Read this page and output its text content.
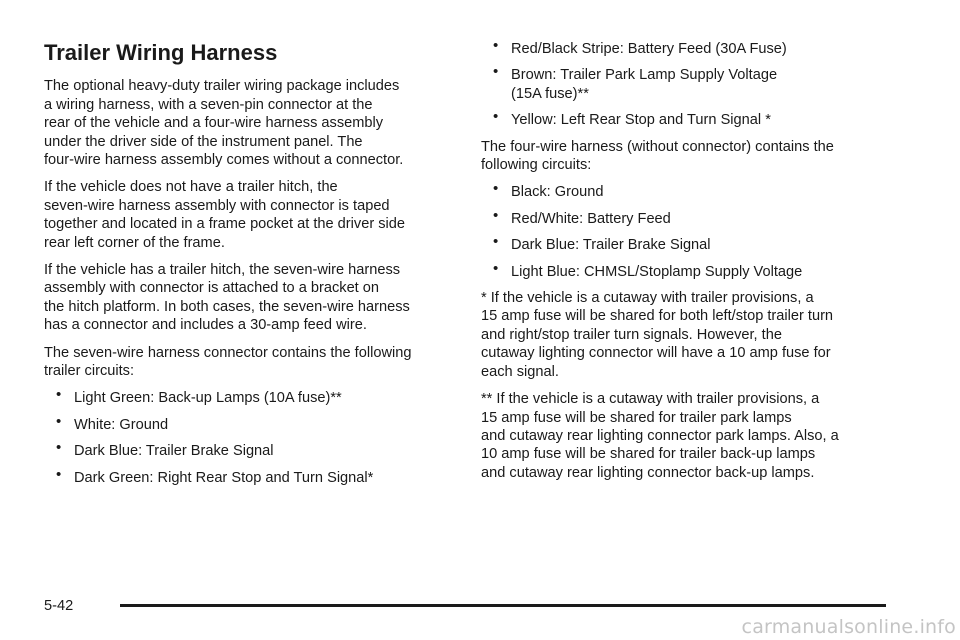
Trailer Wiring Harness

The optional heavy-duty trailer wiring package includes
a wiring harness, with a seven-pin connector at the
rear of the vehicle and a four-wire harness assembly
under the driver side of the instrument panel. The
four-wire harness assembly comes without a connector.

If the vehicle does not have a trailer hitch, the
seven-wire harness assembly with connector is taped
together and located in a frame pocket at the driver side
rear left corner of the frame.

If the vehicle has a trailer hitch, the seven-wire harness
assembly with connector is attached to a bracket on
the hitch platform. In both cases, the seven-wire harness
has a connector and includes a 30-amp feed wire.

The seven-wire harness connector contains the following
trailer circuits:

• Light Green: Back-up Lamps (10A fuse)**
• White: Ground
• Dark Blue: Trailer Brake Signal
• Dark Green: Right Rear Stop and Turn Signal*
• Red/Black Stripe: Battery Feed (30A Fuse)
• Brown: Trailer Park Lamp Supply Voltage
(15A fuse)**
• Yellow: Left Rear Stop and Turn Signal *

The four-wire harness (without connector) contains the
following circuits:

• Black: Ground
• Red/White: Battery Feed
• Dark Blue: Trailer Brake Signal
• Light Blue: CHMSL/Stoplamp Supply Voltage

* If the vehicle is a cutaway with trailer provisions, a
15 amp fuse will be shared for both left/stop trailer turn
and right/stop trailer turn signals. However, the
cutaway lighting connector will have a 10 amp fuse for
each signal.

** If the vehicle is a cutaway with trailer provisions, a
15 amp fuse will be shared for trailer park lamps
and cutaway rear lighting connector park lamps. Also, a
10 amp fuse will be shared for trailer back-up lamps
and cutaway rear lighting connector back-up lamps.

5-42
carmanualsonline.info
